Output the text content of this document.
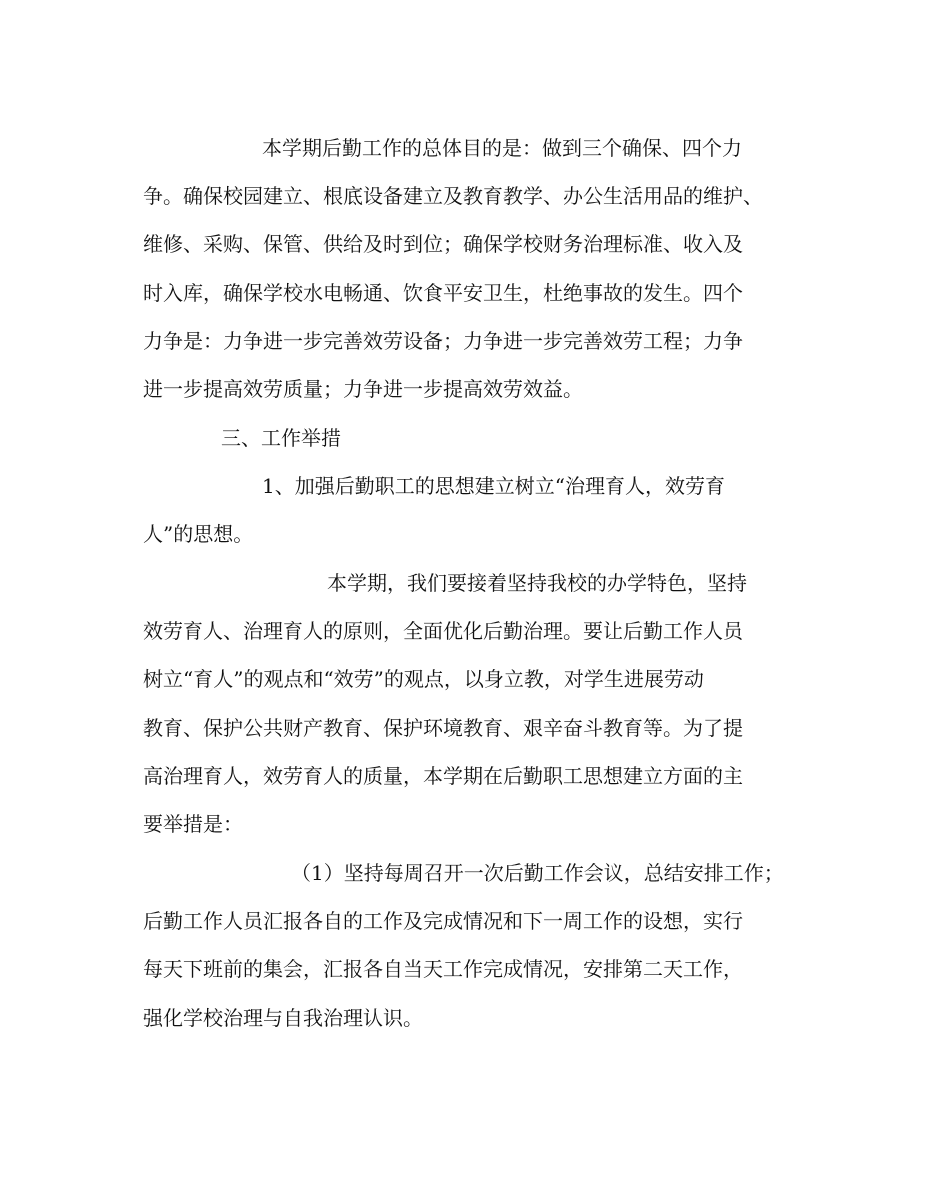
本学期后勤工作的总体目的是：做到三个确保、四个力
争。确保校园建立、根底设备建立及教育教学、办公生活用品的维护、
维修、采购、保管、供给及时到位；确保学校财务治理标准、收入及
时入库，确保学校水电畅通、饮食平安卫生，杜绝事故的发生。四个
力争是：力争进一步完善效劳设备；力争进一步完善效劳工程；力争
进一步提高效劳质量；力争进一步提高效劳效益。
三、工作举措
1、加强后勤职工的思想建立树立“治理育人，效劳育
人”的思想。
本学期，我们要接着坚持我校的办学特色，坚持
效劳育人、治理育人的原则，全面优化后勤治理。要让后勤工作人员
树立“育人”的观点和“效劳”的观点，以身立教，对学生进展劳动
教育、保护公共财产教育、保护环境教育、艰辛奋斗教育等。为了提
高治理育人，效劳育人的质量，本学期在后勤职工思想建立方面的主
要举措是：
（1）坚持每周召开一次后勤工作会议，总结安排工作；
后勤工作人员汇报各自的工作及完成情况和下一周工作的设想，实行
每天下班前的集会，汇报各自当天工作完成情况，安排第二天工作，
强化学校治理与自我治理认识。
